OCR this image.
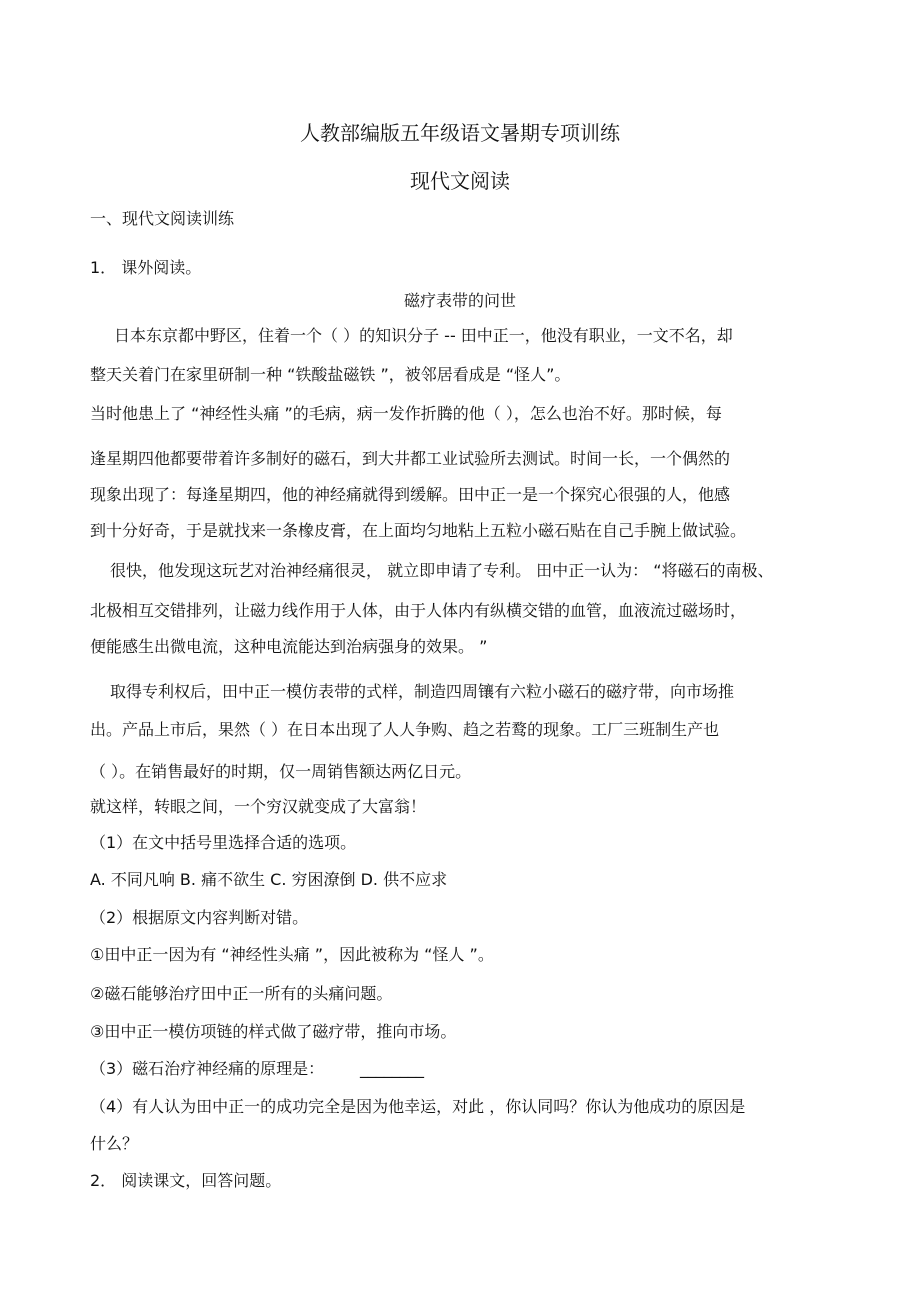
人教部编版五年级语文暑期专项训练

现代文阅读

一、现代文阅读训练

1． 课外阅读。

磁疗表带的问世

日本东京都中野区，住着一个（ ）的知识分子 -- 田中正一，他没有职业，一文不名，却

整天关着门在家里研制一种 “铁酸盐磁铁 ”，被邻居看成是 “怪人”。

当时他患上了 “神经性头痛 ”的毛病，病一发作折腾的他（ ），怎么也治不好。那时候，每

逢星期四他都要带着许多制好的磁石，到大井都工业试验所去测试。时间一长，一个偶然的

现象出现了：每逢星期四，他的神经痛就得到缓解。田中正一是一个探究心很强的人，他感

到十分好奇，于是就找来一条橡皮膏，在上面均匀地粘上五粒小磁石贴在自己手腕上做试验。

很快，他发现这玩艺对治神经痛很灵， 就立即申请了专利。 田中正一认为： “将磁石的南极、

北极相互交错排列，让磁力线作用于人体，由于人体内有纵横交错的血管，血液流过磁场时，

便能感生出微电流，这种电流能达到治病强身的效果。 ”

取得专利权后，田中正一模仿表带的式样，制造四周镶有六粒小磁石的磁疗带，向市场推

出。产品上市后，果然（ ）在日本出现了人人争购、趋之若鹜的现象。工厂三班制生产也

（ ）。在销售最好的时期，仅一周销售额达两亿日元。

就这样，转眼之间，一个穷汉就变成了大富翁！

（1）在文中括号里选择合适的选项。

A. 不同凡响 B. 痛不欲生 C. 穷困潦倒 D. 供不应求

（2）根据原文内容判断对错。

①田中正一因为有 “神经性头痛 ”，因此被称为 “怪人 ”。

②磁石能够治疗田中正一所有的头痛问题。

③田中正一模仿项链的样式做了磁疗带，推向市场。

（3）磁石治疗神经痛的原理是： ________

（4）有人认为田中正一的成功完全是因为他幸运，对此 ，你认同吗？你认为他成功的原因是

什么？

2． 阅读课文，回答问题。
